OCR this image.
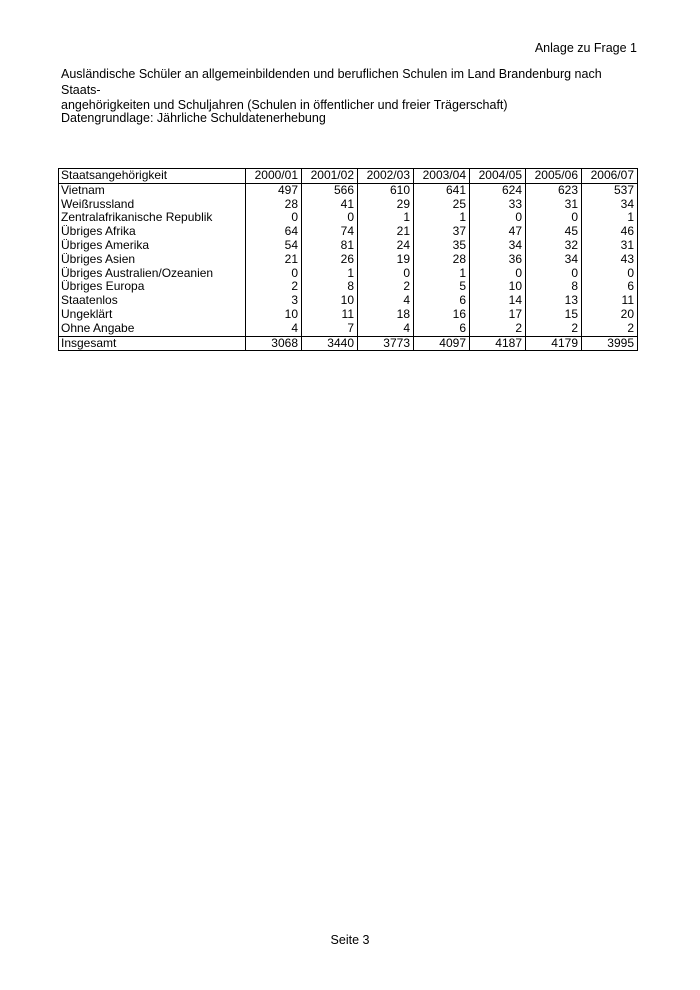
Anlage zu Frage 1
Ausländische Schüler an allgemeinbildenden und beruflichen Schulen im Land Brandenburg nach Staats-
angehörigkeiten und Schuljahren (Schulen in öffentlicher und freier Trägerschaft)
Datengrundlage: Jährliche Schuldatenerhebung
Staatsangehörigkeit	2000/01	2001/02	2002/03	2003/04	2004/05	2005/06	2006/07
Vietnam	497	566	610	641	624	623	537
Weißrussland	28	41	29	25	33	31	34
Zentralafrikanische Republik	0	0	1	1	0	0	1
Übriges Afrika	64	74	21	37	47	45	46
Übriges Amerika	54	81	24	35	34	32	31
Übriges Asien	21	26	19	28	36	34	43
Übriges Australien/Ozeanien	0	1	0	1	0	0	0
Übriges Europa	2	8	2	5	10	8	6
Staatenlos	3	10	4	6	14	13	11
Ungeklärt	10	11	18	16	17	15	20
Ohne Angabe	4	7	4	6	2	2	2
Insgesamt	3068	3440	3773	4097	4187	4179	3995
Seite 3
